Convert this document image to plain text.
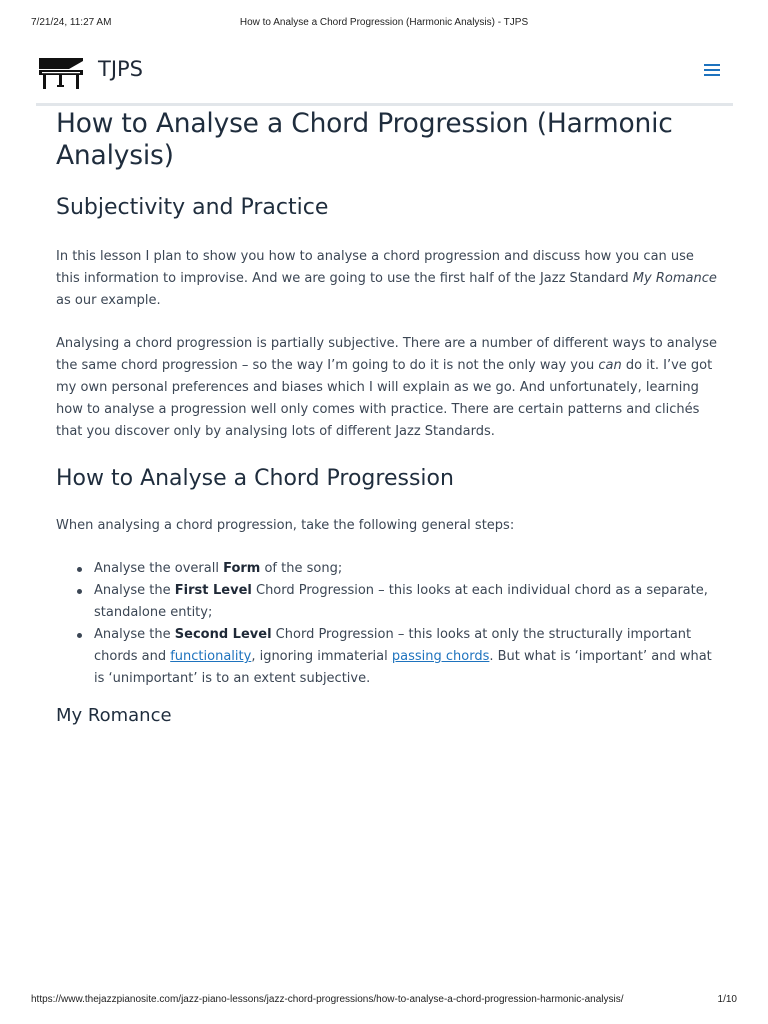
7/21/24, 11:27 AM	How to Analyse a Chord Progression (Harmonic Analysis) - TJPS
TJPS
How to Analyse a Chord Progression (Harmonic Analysis)
Subjectivity and Practice

In this lesson I plan to show you how to analyse a chord progression and discuss how you can use this information to improvise. And we are going to use the first half of the Jazz Standard My Romance as our example.

Analysing a chord progression is partially subjective. There are a number of different ways to analyse the same chord progression – so the way I’m going to do it is not the only way you can do it. I’ve got my own personal preferences and biases which I will explain as we go. And unfortunately, learning how to analyse a progression well only comes with practice. There are certain patterns and clichés that you discover only by analysing lots of different Jazz Standards.

How to Analyse a Chord Progression

When analysing a chord progression, take the following general steps:

Analyse the overall Form of the song;
Analyse the First Level Chord Progression – this looks at each individual chord as a separate, standalone entity;
Analyse the Second Level Chord Progression – this looks at only the structurally important chords and functionality, ignoring immaterial passing chords. But what is ‘important’ and what is ‘unimportant’ is to an extent subjective.
My Romance
https://www.thejazzpianosite.com/jazz-piano-lessons/jazz-chord-progressions/how-to-analyse-a-chord-progression-harmonic-analysis/	1/10
